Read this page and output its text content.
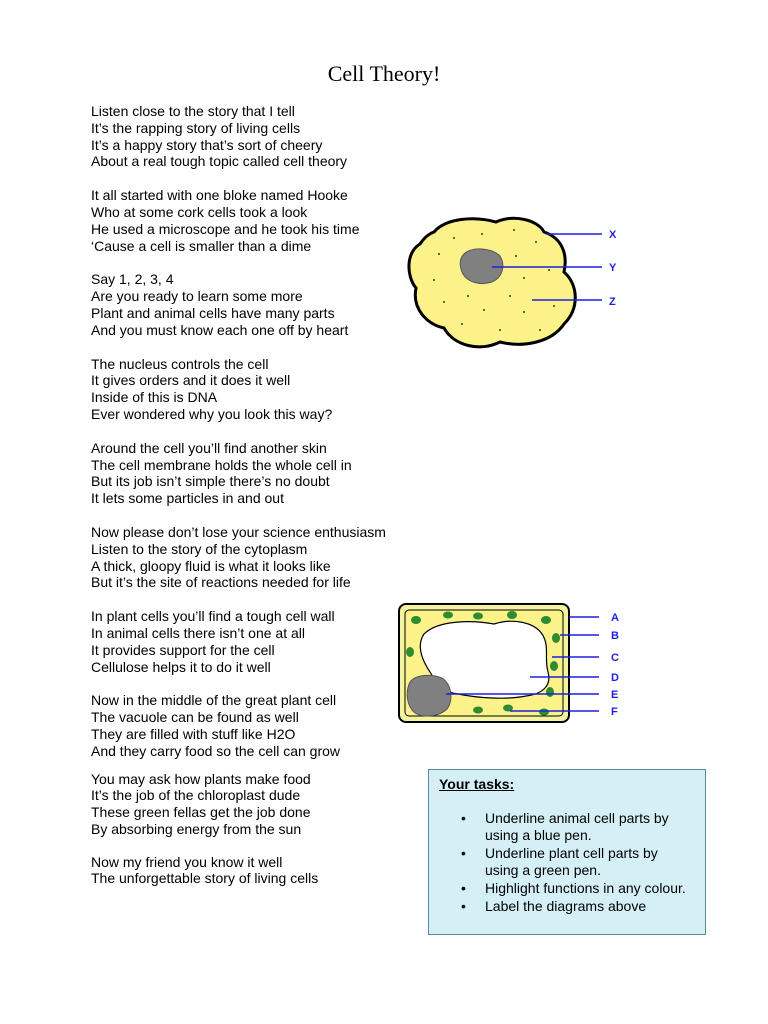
Cell Theory!

Listen close to the story that I tell
It’s the rapping story of living cells
It’s a happy story that’s sort of cheery
About a real tough topic called cell theory

It all started with one bloke named Hooke
Who at some cork cells took a look
He used a microscope and he took his time
‘Cause a cell is smaller than a dime

Say 1, 2, 3, 4
Are you ready to learn some more
Plant and animal cells have many parts
And you must know each one off by heart

The nucleus controls the cell
It gives orders and it does it well
Inside of this is DNA
Ever wondered why you look this way?

Around the cell you’ll find another skin
The cell membrane holds the whole cell in
But its job isn’t simple there’s no doubt
It lets some particles in and out

Now please don’t lose your science enthusiasm
Listen to the story of the cytoplasm
A thick, gloopy fluid is what it looks like
But it’s the site of reactions needed for life

In plant cells you’ll find a tough cell wall
In animal cells there isn’t one at all
It provides support for the cell
Cellulose helps it to do it well

Now in the middle of the great plant cell
The vacuole can be found as well
They are filled with stuff like H2O
And they carry food so the cell can grow

You may ask how plants make food
It’s the job of the chloroplast dude
These green fellas get the job done
By absorbing energy from the sun

Now my friend you know it well
The unforgettable story of living cells

X
Y
Z
A
B
C
D
E
F
Your tasks:
• Underline animal cell parts by using a blue pen.
• Underline plant cell parts by using a green pen.
• Highlight functions in any colour.
• Label the diagrams above
